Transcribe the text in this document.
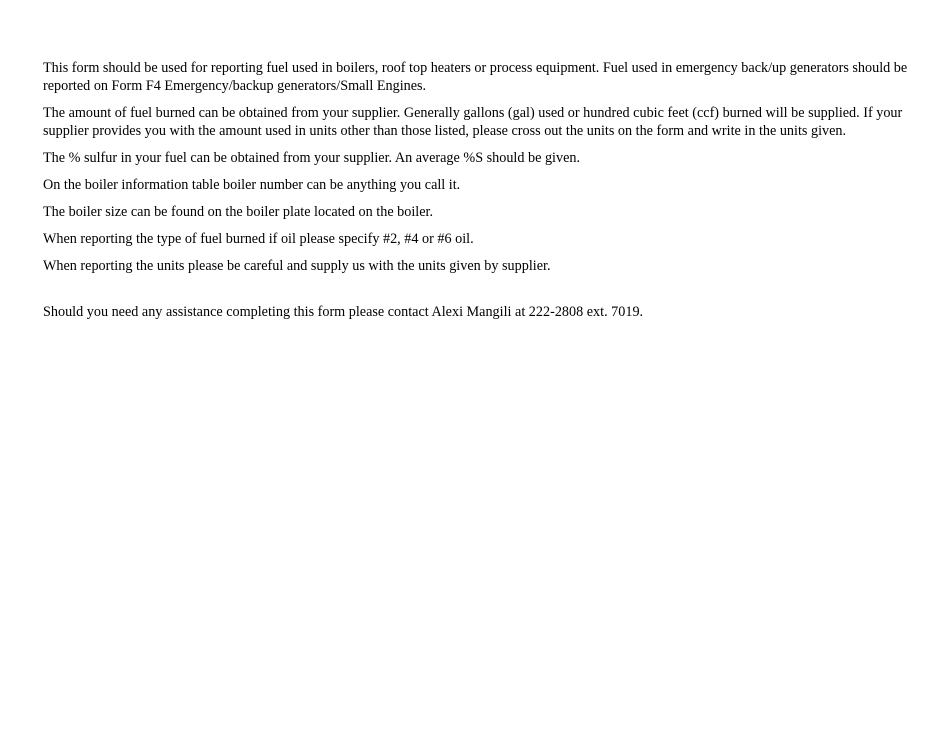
This form should be used for reporting fuel used in boilers, roof top heaters or process equipment. Fuel used in emergency back/up generators should be reported on Form F4 Emergency/backup generators/Small Engines.

The amount of fuel burned can be obtained from your supplier. Generally gallons (gal) used or hundred cubic feet (ccf) burned will be supplied. If your supplier provides you with the amount used in units other than those listed, please cross out the units on the form and write in the units given.

The % sulfur in your fuel can be obtained from your supplier. An average %S should be given.

On the boiler information table boiler number can be anything you call it.

The boiler size can be found on the boiler plate located on the boiler.

When reporting the type of fuel burned if oil please specify #2, #4 or #6 oil.

When reporting the units please be careful and supply us with the units given by supplier.

Should you need any assistance completing this form please contact Alexi Mangili at 222-2808 ext. 7019.
